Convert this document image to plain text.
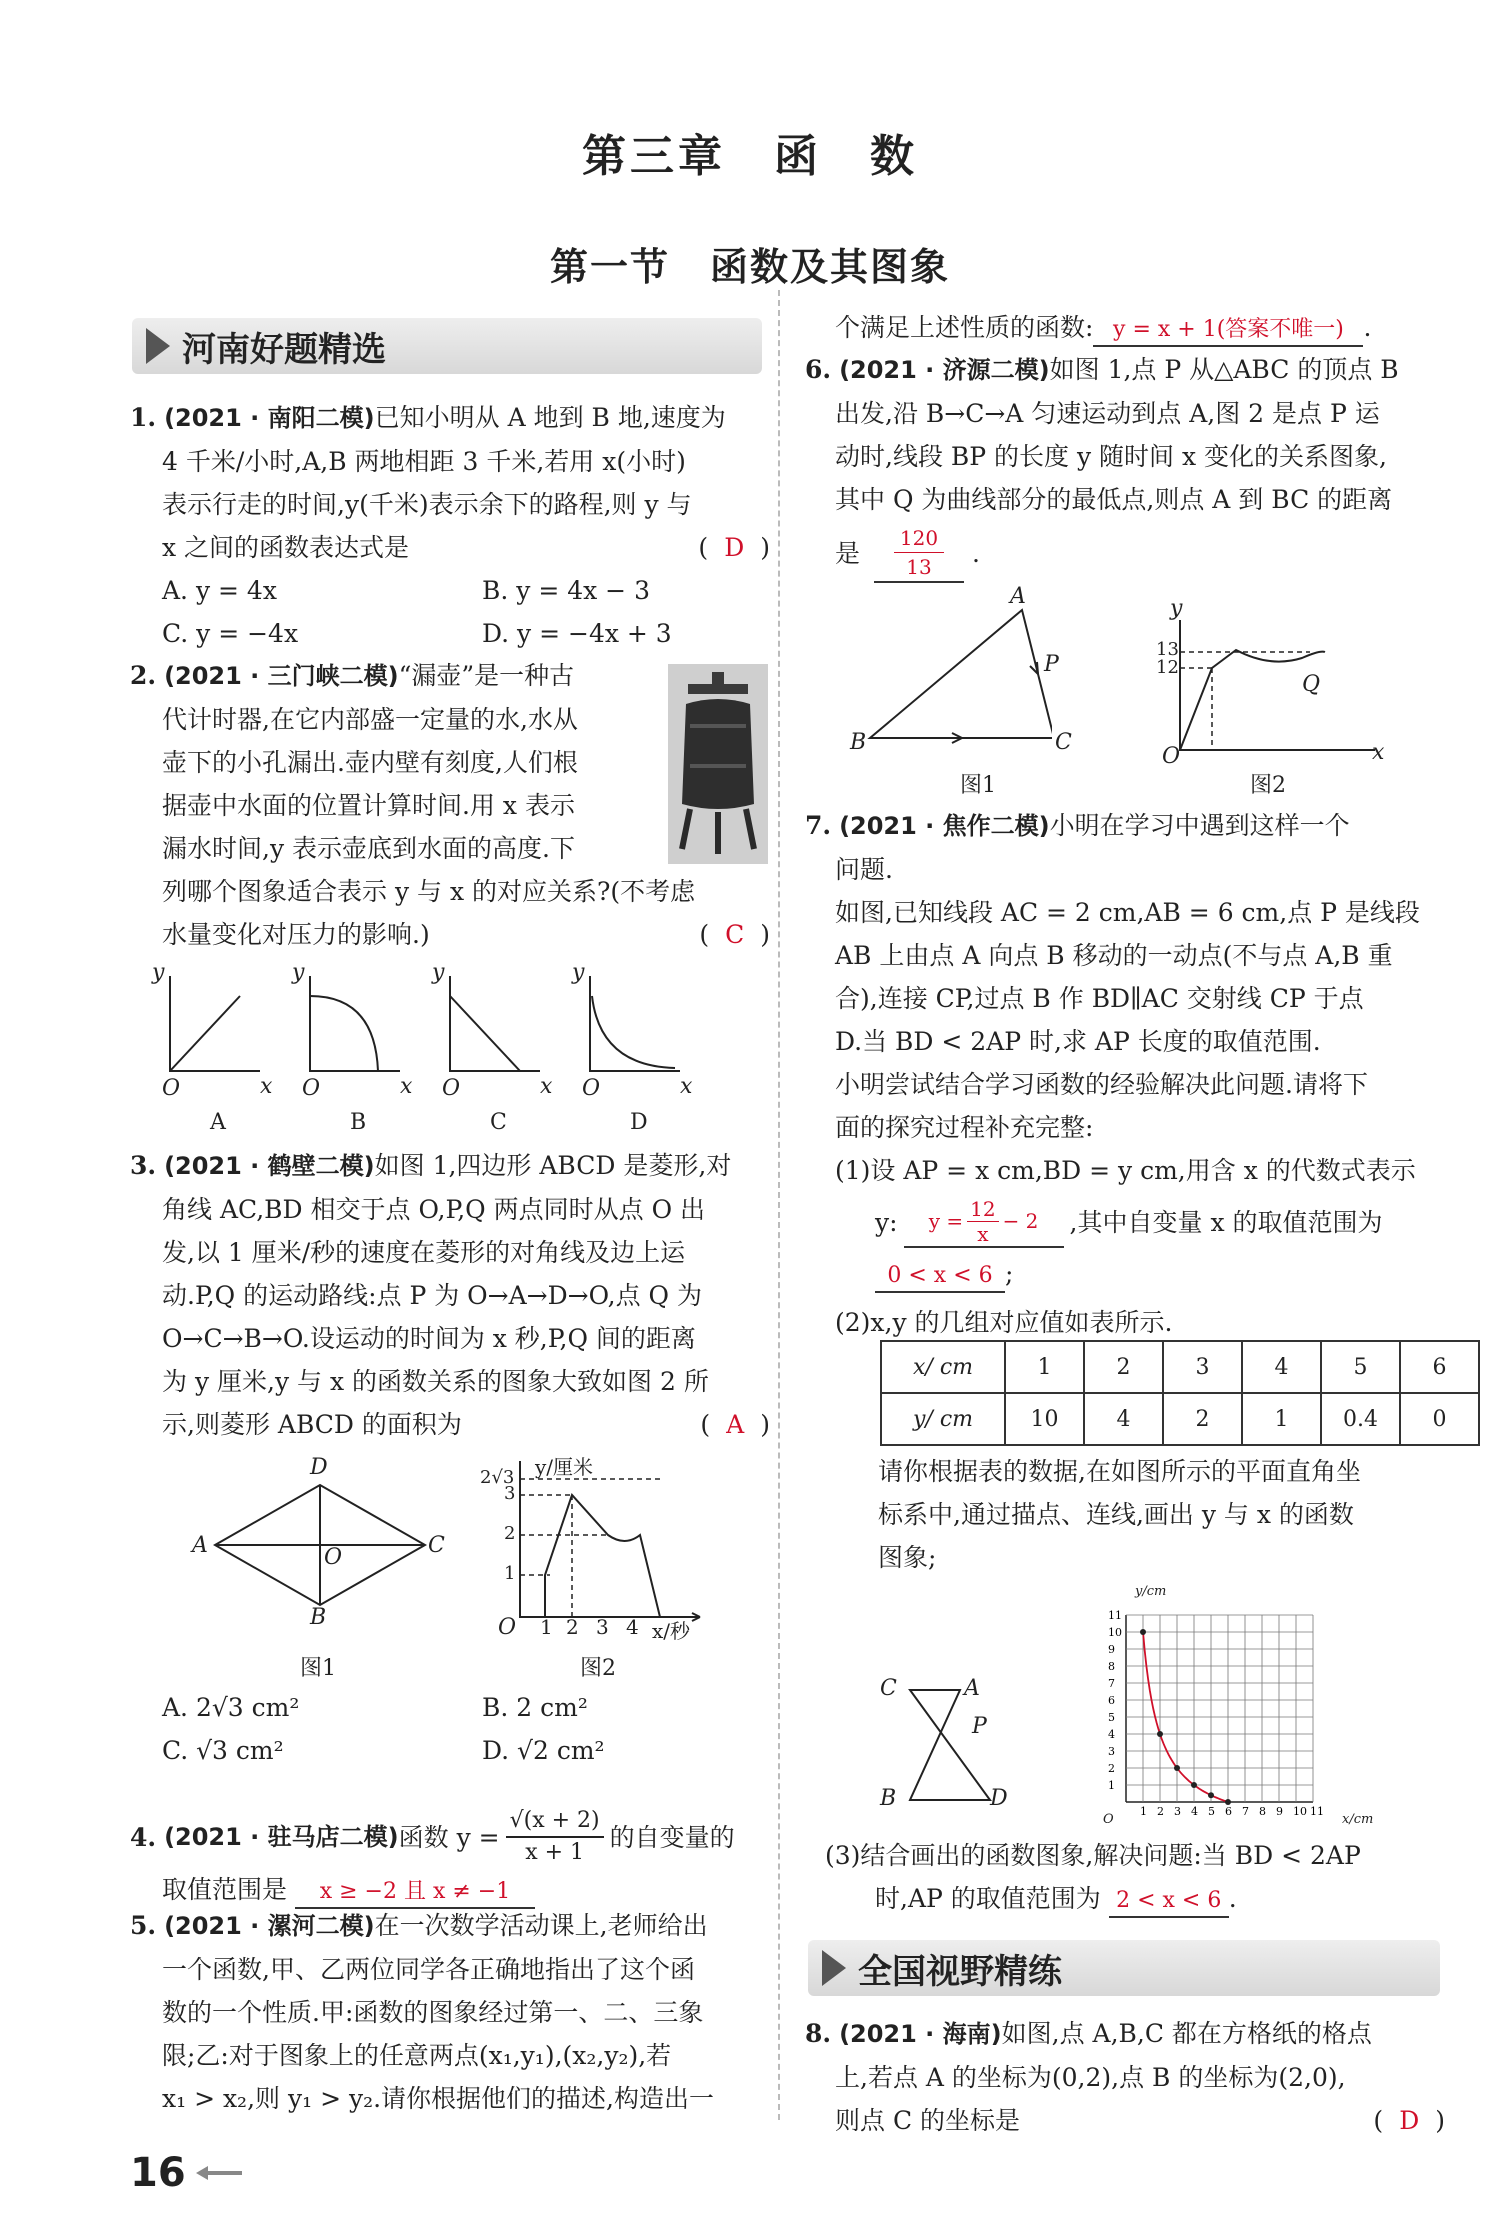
第三章　函　数
第一节　函数及其图象
河南好题精选
1. (2021 · 南阳二模)已知小明从 A 地到 B 地,速度为
4 千米/小时,A,B 两地相距 3 千米,若用 x(小时)
表示行走的时间,y(千米)表示余下的路程,则 y 与
x 之间的函数表达式是	( D )
A. y = 4x	B. y = 4x − 3
C. y = −4x	D. y = −4x + 3
2. (2021 · 三门峡二模)“漏壶”是一种古
代计时器,在它内部盛一定量的水,水从
壶下的小孔漏出.壶内壁有刻度,人们根
据壶中水面的位置计算时间.用 x 表示
漏水时间,y 表示壶底到水面的高度.下
列哪个图象适合表示 y 与 x 的对应关系?(不考虑
水量变化对压力的影响.)	( C )
y	y	y	y
x	x	x	x
O	O	O	O
A	B	C	D
3. (2021 · 鹤壁二模)如图 1,四边形 ABCD 是菱形,对
角线 AC,BD 相交于点 O,P,Q 两点同时从点 O 出
发,以 1 厘米/秒的速度在菱形的对角线及边上运
动.P,Q 的运动路线:点 P 为 O→A→D→O,点 Q 为
O→C→B→O.设运动的时间为 x 秒,P,Q 间的距离
为 y 厘米,y 与 x 的函数关系的图象大致如图 2 所
示,则菱形 ABCD 的面积为	( A )
A
B
C
D
O
图1
y/厘米
2√3
3
2
1
O 1 2 3 4 x/秒
图2
A. 2√3 cm²	B. 2 cm²
C. √3 cm²	D. √2 cm²
4.
(2021 · 驻马店二模) 函数 $y = \frac{√(x + 2)}{x + 1}$ 的自变量的
取值范围是 x ≥ −2 且 x ≠ −1
5. (2021 · 漯河二模)在一次数学活动课上,老师给出
一个函数,甲、乙两位同学各正确地指出了这个函
数的一个性质.甲:函数的图象经过第一、二、三象
限;乙:对于图象上的任意两点(x₁,y₁),(x₂,y₂),若
x₁ > x₂,则 y₁ > y₂.请你根据他们的描述,构造出一
16
个满足上述性质的函数: y = x + 1(答案不唯一) .
6. (2021 · 济源二模)如图 1,点 P 从△ABC 的顶点 B
出发,沿 B→C→A 匀速运动到点 A,图 2 是点 P 运
动时,线段 BP 的长度 y 随时间 x 变化的关系图象,
其中 Q 为曲线部分的最低点,则点 A 到 BC 的距离
是 $\frac{120}{13}$ .
A
B	C
P
图1
y
13
12
x
O
Q
图2
7. (2021 · 焦作二模)小明在学习中遇到这样一个
问题.
如图,已知线段 AC = 2 cm,AB = 6 cm,点 P 是线段
AB 上由点 A 向点 B 移动的一动点(不与点 A,B 重
合),连接 CP,过点 B 作 BD∥AC 交射线 CP 于点
D.当 BD < 2AP 时,求 AP 长度的取值范围.
小明尝试结合学习函数的经验解决此问题.请将下
面的探究过程补充完整:
(1)设 AP = x cm,BD = y cm,用含 x 的代数式表示
y: $y = \frac{12}{x} - 2$ ,其中自变量 x 的取值范围为
0 < x < 6 ;
(2)x,y 的几组对应值如表所示.
x/ cm	1	2	3	4	5	6
y/ cm	10	4	2	1	0.4	0
请你根据表的数据,在如图所示的平面直角坐
标系中,通过描点、连线,画出 y 与 x 的函数
图象;
C	A
P
B	D
1
1
2
2
3
3
4
4
5
5
6
6
7
7
8
8
9
9
10
10
11
11
y/cm
x/cm
O
(3)结合画出的函数图象,解决问题:当 BD < 2AP
时,AP 的取值范围为 2 < x < 6 .
全国视野精练
8. (2021 · 海南)如图,点 A,B,C 都在方格纸的格点
上,若点 A 的坐标为(0,2),点 B 的坐标为(2,0),
则点 C 的坐标是	( D )
